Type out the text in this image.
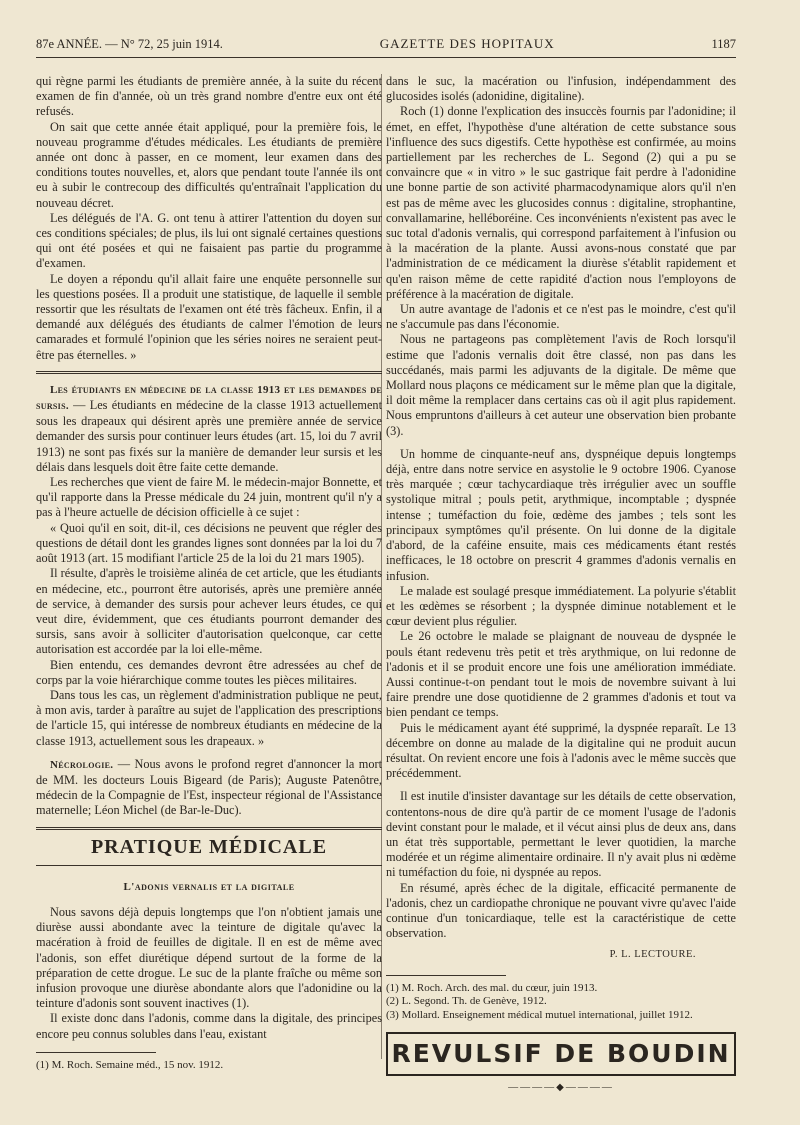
87e ANNÉE. — N° 72, 25 juin 1914.	GAZETTE DES HOPITAUX	1187

qui règne parmi les étudiants de première année, à la suite du récent examen de fin d'année, où un très grand nombre d'entre eux ont été refusés.

On sait que cette année était appliqué, pour la première fois, le nouveau programme d'études médicales. Les étudiants de première année ont donc à passer, en ce moment, leur examen dans des conditions toutes nouvelles, et, alors que pendant toute l'année ils ont eu à subir le contrecoup des difficultés qu'entraînait l'application du nouveau décret.

Les délégués de l'A. G. ont tenu à attirer l'attention du doyen sur ces conditions spéciales; de plus, ils lui ont signalé certaines questions qui ont été posées et qui ne faisaient pas partie du programme d'examen.

Le doyen a répondu qu'il allait faire une enquête personnelle sur les questions posées. Il a produit une statistique, de laquelle il semble ressortir que les résultats de l'examen ont été très fâcheux. Enfin, il a demandé aux délégués des étudiants de calmer l'émotion de leurs camarades et formulé l'opinion que les séries noires ne seraient peut-être pas éternelles. »

Les étudiants en médecine de la classe 1913 et les demandes de sursis. — Les étudiants en médecine de la classe 1913 actuellement sous les drapeaux qui désirent après une première année de service demander des sursis pour continuer leurs études (art. 15, loi du 7 avril 1913) ne sont pas fixés sur la manière de demander leur sursis et les délais dans lesquels doit être faite cette demande.

Les recherches que vient de faire M. le médecin-major Bonnette, et qu'il rapporte dans la Presse médicale du 24 juin, montrent qu'il n'y a pas à l'heure actuelle de décision officielle à ce sujet :

« Quoi qu'il en soit, dit-il, ces décisions ne peuvent que régler des questions de détail dont les grandes lignes sont données par la loi du 7 août 1913 (art. 15 modifiant l'article 25 de la loi du 21 mars 1905).

Il résulte, d'après le troisième alinéa de cet article, que les étudiants en médecine, etc., pourront être autorisés, après une première année de service, à demander des sursis pour achever leurs études, ce qui veut dire, évidemment, que ces étudiants pourront demander des sursis, sans avoir à solliciter d'autorisation quelconque, car cette autorisation est accordée par la loi elle-même.

Bien entendu, ces demandes devront être adressées au chef de corps par la voie hiérarchique comme toutes les pièces militaires.

Dans tous les cas, un règlement d'administration publique ne peut, à mon avis, tarder à paraître au sujet de l'application des prescriptions de l'article 15, qui intéresse de nombreux étudiants en médecine de la classe 1913, actuellement sous les drapeaux. »

Nécrologie. — Nous avons le profond regret d'annoncer la mort de MM. les docteurs Louis Bigeard (de Paris); Auguste Patenôtre, médecin de la Compagnie de l'Est, inspecteur régional de l'Assistance maternelle; Léon Michel (de Bar-le-Duc).

PRATIQUE MÉDICALE
L'adonis vernalis et la digitale

Nous savons déjà depuis longtemps que l'on n'obtient jamais une diurèse aussi abondante avec la teinture de digitale qu'avec la macération à froid de feuilles de digitale. Il en est de même avec l'adonis, son effet diurétique dépend surtout de la forme de la préparation de cette drogue. Le suc de la plante fraîche ou même son infusion provoque une diurèse abondante alors que l'adonidine ou la teinture d'adonis sont souvent inactives (1).

Il existe donc dans l'adonis, comme dans la digitale, des principes encore peu connus solubles dans l'eau, existant

(1) M. Roch. Semaine méd., 15 nov. 1912.

dans le suc, la macération ou l'infusion, indépendamment des glucosides isolés (adonidine, digitaline).

Roch (1) donne l'explication des insuccès fournis par l'adonidine; il émet, en effet, l'hypothèse d'une altération de cette substance sous l'influence des sucs digestifs. Cette hypothèse est confirmée, au moins partiellement par les recherches de L. Segond (2) qui a pu se convaincre que « in vitro » le suc gastrique fait perdre à l'adonidine une bonne partie de son activité pharmacodynamique alors qu'il n'en est pas de même avec les glucosides connus : digitaline, strophantine, convallamarine, helléboréine. Ces inconvénients n'existent pas avec le suc total d'adonis vernalis, qui correspond parfaitement à l'infusion ou à la macération de la plante. Aussi avons-nous constaté que par l'administration de ce médicament la diurèse s'établit rapidement et qu'en raison même de cette rapidité d'action nous l'employons de préférence à la macération de digitale.

Un autre avantage de l'adonis et ce n'est pas le moindre, c'est qu'il ne s'accumule pas dans l'économie.

Nous ne partageons pas complètement l'avis de Roch lorsqu'il estime que l'adonis vernalis doit être classé, non pas dans les succédanés, mais parmi les adjuvants de la digitale. De même que Mollard nous plaçons ce médicament sur le même plan que la digitale, il doit même la remplacer dans certains cas où il agit plus rapidement. Nous empruntons d'ailleurs à cet auteur une observation bien probante (3).

Un homme de cinquante-neuf ans, dyspnéique depuis longtemps déjà, entre dans notre service en asystolie le 9 octobre 1906. Cyanose très marquée ; cœur tachycardiaque très irrégulier avec un souffle systolique mitral ; pouls petit, arythmique, incomptable ; dyspnée intense ; tuméfaction du foie, œdème des jambes ; tels sont les principaux symptômes qu'il présente. On lui donne de la digitale d'abord, de la caféine ensuite, mais ces médicaments étant restés inefficaces, le 18 octobre on prescrit 4 grammes d'adonis vernalis en infusion.

Le malade est soulagé presque immédiatement. La polyurie s'établit et les œdèmes se résorbent ; la dyspnée diminue notablement et le cœur devient plus régulier.

Le 26 octobre le malade se plaignant de nouveau de dyspnée le pouls étant redevenu très petit et très arythmique, on lui redonne de l'adonis et il se produit encore une fois une amélioration immédiate. Aussi continue-t-on pendant tout le mois de novembre suivant à lui faire prendre une dose quotidienne de 2 grammes d'adonis et tout va bien pendant ce temps.

Puis le médicament ayant été supprimé, la dyspnée reparaît. Le 13 décembre on donne au malade de la digitaline qui ne produit aucun résultat. On revient encore une fois à l'adonis avec le même succès que précédemment.

Il est inutile d'insister davantage sur les détails de cette observation, contentons-nous de dire qu'à partir de ce moment l'usage de l'adonis devint constant pour le malade, et il vécut ainsi plus de deux ans, dans un état très supportable, permettant le lever quotidien, la marche modérée et un régime alimentaire ordinaire. Il n'y avait plus ni œdème ni tuméfaction du foie, ni dyspnée au repos.

En résumé, après échec de la digitale, efficacité permanente de l'adonis, chez un cardiopathe chronique ne pouvant vivre qu'avec l'aide continue d'un tonicardiaque, telle est la caractéristique de cette observation.

P. L. LECTOURE.

(1) M. Roch. Arch. des mal. du cœur, juin 1913.

(2) L. Segond. Th. de Genève, 1912.

(3) Mollard. Enseignement médical mutuel international, juillet 1912.

REVULSIF DE BOUDIN
————◆————
